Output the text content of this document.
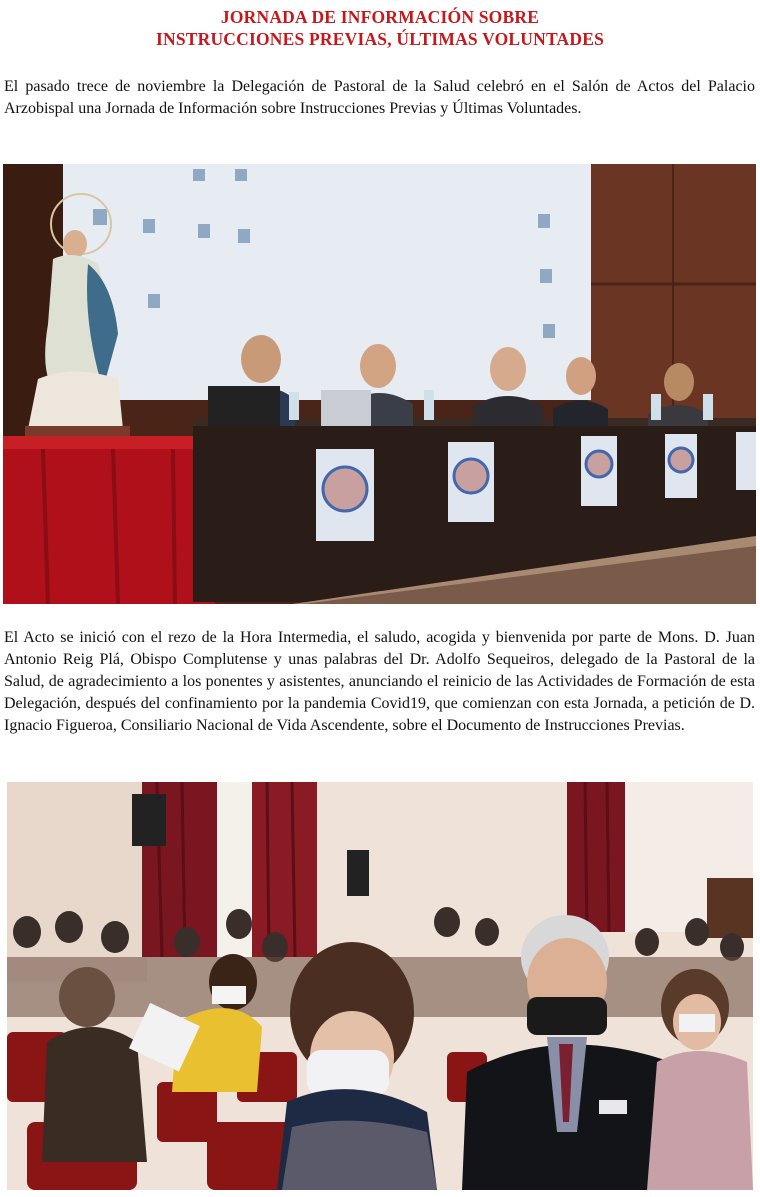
JORNADA DE INFORMACIÓN SOBRE
INSTRUCCIONES PREVIAS, ÚLTIMAS VOLUNTADES

El pasado trece de noviembre la Delegación de Pastoral de la Salud celebró en el Salón de Actos del Palacio Arzobispal una Jornada de Información sobre Instrucciones Previas y Últimas Voluntades.

El Acto se inició con el rezo de la Hora Intermedia, el saludo, acogida y bienvenida por parte de Mons. D. Juan Antonio Reig Plá, Obispo Complutense y unas palabras del Dr. Adolfo Sequeiros, delegado de la Pastoral de la Salud, de agradecimiento a los ponentes y asistentes, anunciando el reinicio de las Actividades de Formación de esta Delegación, después del confinamiento por la pandemia Covid19, que comienzan con esta Jornada, a petición de D. Ignacio Figueroa, Consiliario Nacional de Vida Ascendente, sobre el Documento de Instrucciones Previas.
